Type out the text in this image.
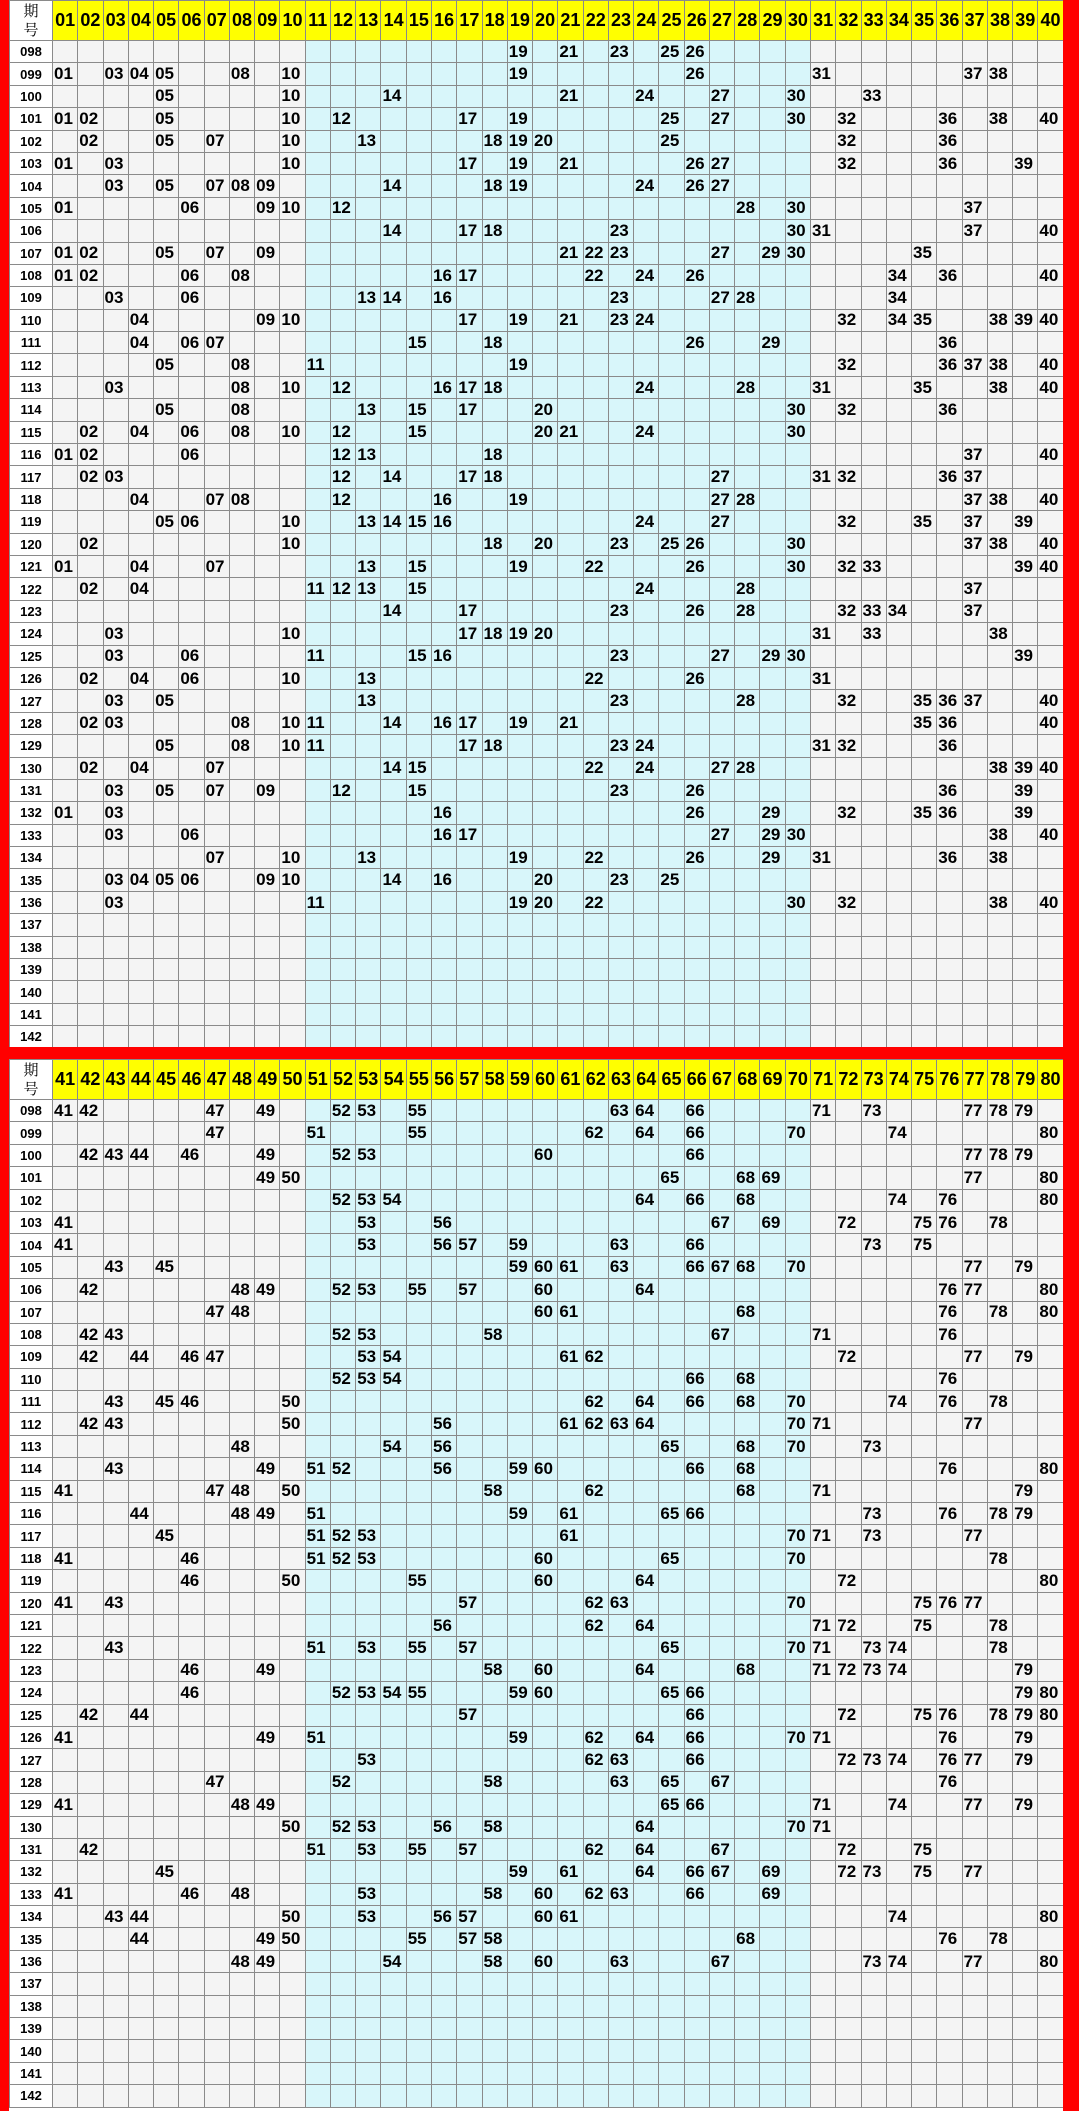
期
号	01	02	03	04	05	06	07	08	09	10	11	12	13	14	15	16	17	18	19	20	21	22	23	24	25	26	27	28	29	30	31	32	33	34	35	36	37	38	39	40
098																			19		21		23		25	26														
099	01		03	04	05			08		10									19							26					31						37	38		
100					05					10				14							21			24			27			30			33							
101	01	02			05					10		12					17		19						25		27			30		32				36		38		40
102		02			05		07			10			13					18	19	20					25							32				36				
103	01		03							10							17		19		21					26	27					32				36			39	
104			03		05		07	08	09					14				18	19					24		26	27													
105	01					06			09	10		12																28		30							37			
106														14			17	18					23							30	31						37			40
107	01	02			05		07		09												21	22	23				27		29	30					35					
108	01	02				06		08								16	17					22		24		26								34		36				40
109			03			06							13	14		16							23				27	28						34						
110				04					09	10							17		19		21		23	24								32		34	35			38	39	40
111				04		06	07								15			18								26			29							36				
112					05			08			11								19													32				36	37	38		40
113			03					08		10		12				16	17	18						24				28			31				35			38		40
114					05			08					13		15		17			20										30		32				36				
115		02		04		06		08		10		12			15					20	21			24						30										
116	01	02				06						12	13					18																			37			40
117		02	03									12		14			17	18									27				31	32				36	37			
118				04			07	08				12				16			19								27	28									37	38		40
119					05	06				10			13	14	15	16								24			27					32			35		37		39	
120		02								10								18		20			23		25	26				30							37	38		40
121	01			04			07						13		15				19			22				26				30		32	33						39	40
122		02		04							11	12	13		15									24				28									37			
123														14			17						23			26		28				32	33	34			37			
124			03							10							17	18	19	20											31		33					38		
125			03			06					11				15	16							23				27		29	30									39	
126		02		04		06				10			13									22				26					31									
127			03		05								13										23					28				32			35	36	37			40
128		02	03					08		10	11			14		16	17		19		21														35	36				40
129					05			08		10	11						17	18					23	24							31	32				36				
130		02		04			07							14	15							22		24			27	28										38	39	40
131			03		05		07		09			12			15								23			26										36			39	
132	01		03													16										26			29			32			35	36			39	
133			03			06										16	17										27		29	30								38		40
134							07			10			13						19			22				26			29		31					36		38		
135			03	04	05	06			09	10				14		16				20			23		25															
136			03								11								19	20		22								30		32						38		40
137																																								
138																																								
139																																								
140																																								
141																																								
142																																								
期
号	41	42	43	44	45	46	47	48	49	50	51	52	53	54	55	56	57	58	59	60	61	62	63	64	65	66	67	68	69	70	71	72	73	74	75	76	77	78	79	80
098	41	42					47		49			52	53		55								63	64		66					71		73				77	78	79	
099							47				51				55							62		64		66				70				74						80
100		42	43	44		46			49			52	53							60						66											77	78	79	
101									49	50															65			68	69								77			80
102												52	53	54										64		66		68						74		76				80
103	41												53			56											67		69			72			75	76		78		
104	41												53			56	57		59				63			66							73		75					
105			43		45														59	60	61		63			66	67	68		70							77		79	
106		42						48	49			52	53		55		57			60				64												76	77			80
107							47	48												60	61							68								76		78		80
108		42	43									52	53					58									67				71					76				
109		42		44		46	47						53	54							61	62										72					77		79	
110												52	53	54												66		68								76				
111			43		45	46				50												62		64		66		68		70				74		76		78		
112		42	43							50						56					61	62	63	64						70	71						77			
113								48						54		56									65			68		70			73							
114			43						49		51	52				56			59	60						66		68								76				80
115	41						47	48		50								58				62						68			71								79	
116				44				48	49		51								59		61				65	66							73			76		78	79	
117					45						51	52	53								61									70	71		73				77			
118	41					46					51	52	53							60					65					70								78		
119						46				50					55					60				64								72								80
120	41		43														57					62	63							70					75	76	77			
121																56						62		64							71	72			75			78		
122			43								51		53		55		57								65					70	71		73	74				78		
123						46			49									58		60				64				68			71	72	73	74					79	
124						46						52	53	54	55				59	60					65	66													79	80
125		42		44													57									66						72			75	76		78	79	80
126	41								49		51								59			62		64		66				70	71					76			79	
127													53									62	63			66						72	73	74		76	77		79	
128							47					52						58					63		65		67									76				
129	41							48	49																65	66					71			74			77		79	
130										50		52	53			56		58						64						70	71									
131		42									51		53		55		57					62		64			67					72			75					
132					45														59		61			64		66	67		69			72	73		75		77			
133	41					46		48					53					58		60		62	63			66			69											
134			43	44						50			53			56	57			60	61													74						80
135				44					49	50					55		57	58										68								76		78		
136								48	49					54				58		60			63				67						73	74			77			80
137																																								
138																																								
139																																								
140																																								
141																																								
142																																								
